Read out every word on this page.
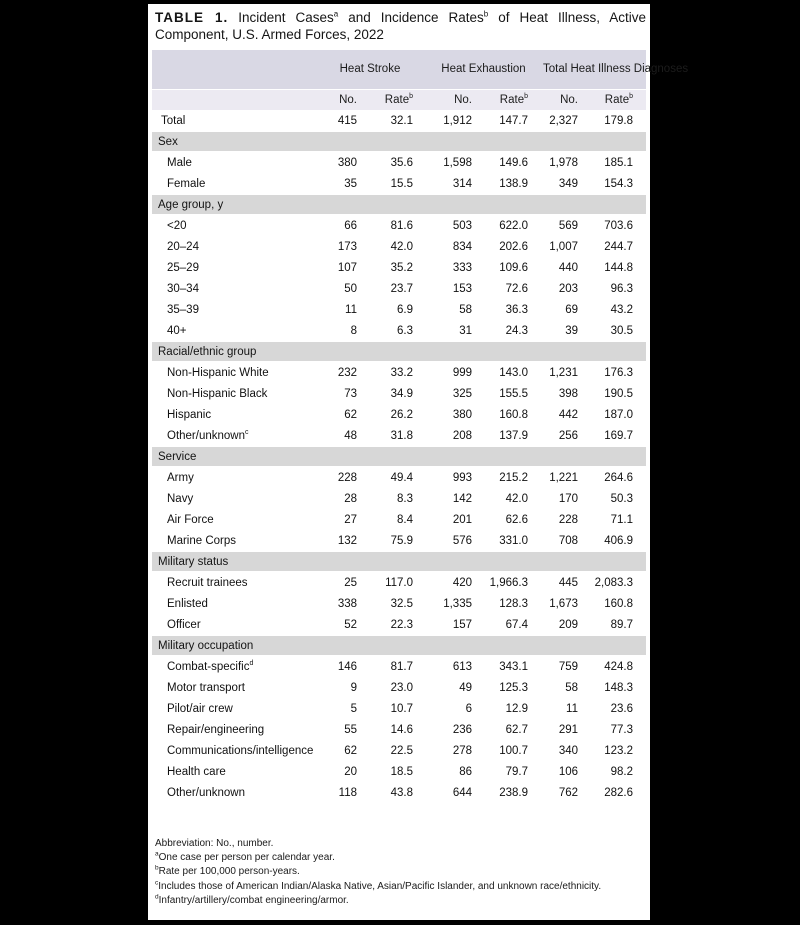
TABLE 1. Incident Cases$^a$ and Incidence Rates$^b$ of Heat Illness, Active Component, U.S. Armed Forces, 2022
Heat Stroke	Heat Exhaustion	Total Heat Illness Diagnoses
No.	Rate$^b$	No.	Rate$^b$	No.	Rate$^b$
Total	415	32.1	1,912	147.7	2,327	179.8
Sex
Male	380	35.6	1,598	149.6	1,978	185.1
Female	35	15.5	314	138.9	349	154.3
Age group, y
<20	66	81.6	503	622.0	569	703.6
20–24	173	42.0	834	202.6	1,007	244.7
25–29	107	35.2	333	109.6	440	144.8
30–34	50	23.7	153	72.6	203	96.3
35–39	11	6.9	58	36.3	69	43.2
40+	8	6.3	31	24.3	39	30.5
Racial/ethnic group
Non-Hispanic White	232	33.2	999	143.0	1,231	176.3
Non-Hispanic Black	73	34.9	325	155.5	398	190.5
Hispanic	62	26.2	380	160.8	442	187.0
Other/unknown$^c$	48	31.8	208	137.9	256	169.7
Service
Army	228	49.4	993	215.2	1,221	264.6
Navy	28	8.3	142	42.0	170	50.3
Air Force	27	8.4	201	62.6	228	71.1
Marine Corps	132	75.9	576	331.0	708	406.9
Military status
Recruit trainees	25	117.0	420	1,966.3	445	2,083.3
Enlisted	338	32.5	1,335	128.3	1,673	160.8
Officer	52	22.3	157	67.4	209	89.7
Military occupation
Combat-specific$^d$	146	81.7	613	343.1	759	424.8
Motor transport	9	23.0	49	125.3	58	148.3
Pilot/air crew	5	10.7	6	12.9	11	23.6
Repair/engineering	55	14.6	236	62.7	291	77.3
Communications/intelligence	62	22.5	278	100.7	340	123.2
Health care	20	18.5	86	79.7	106	98.2
Other/unknown	118	43.8	644	238.9	762	282.6
Abbreviation: No., number.
$^a$One case per person per calendar year.
$^b$Rate per 100,000 person-years.
$^c$Includes those of American Indian/Alaska Native, Asian/Pacific Islander, and unknown race/ethnicity.
$^d$Infantry/artillery/combat engineering/armor.
